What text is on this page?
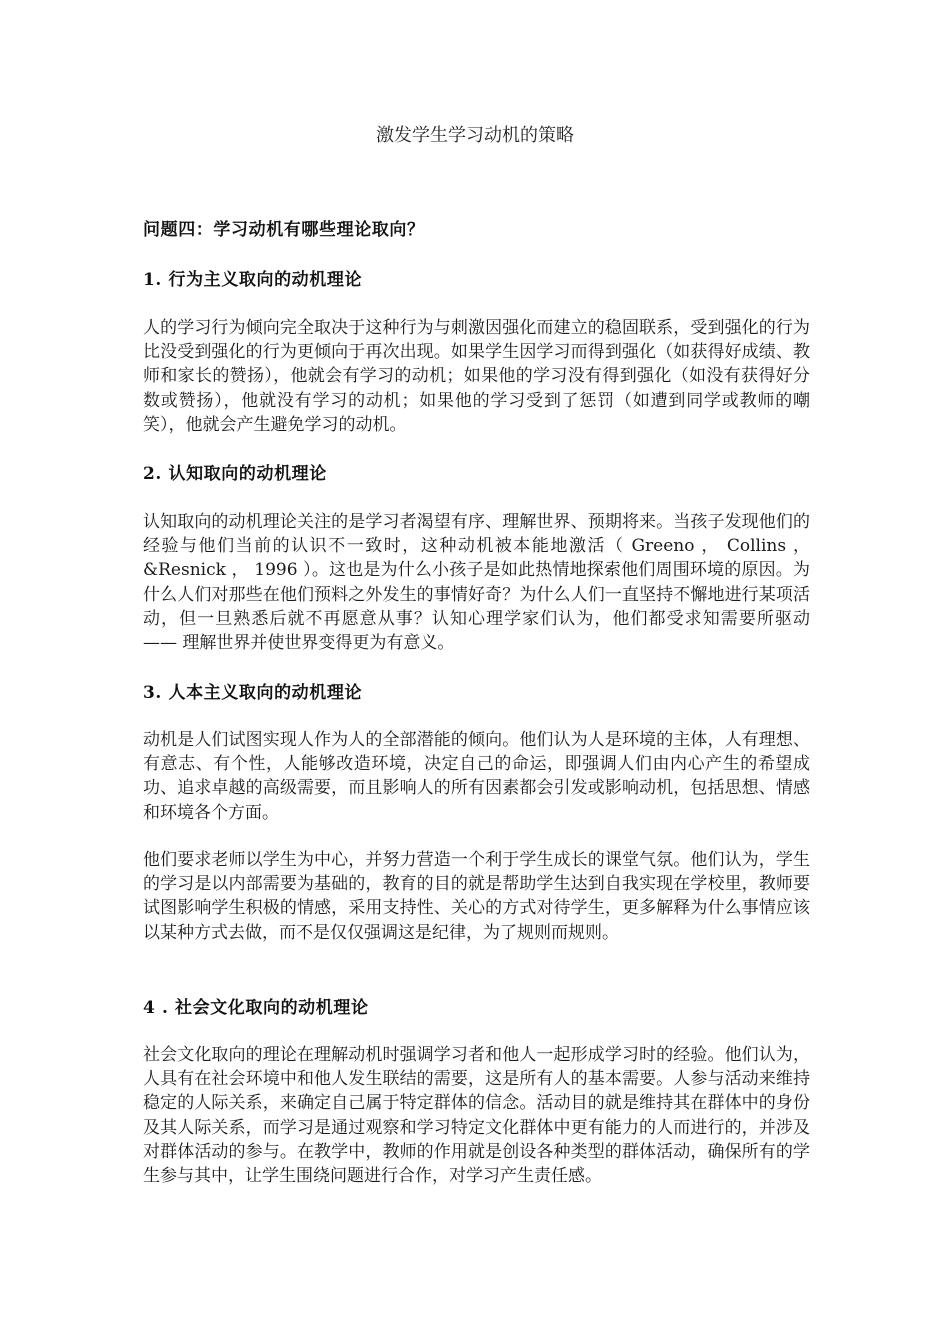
激发学生学习动机的策略
问题四：学习动机有哪些理论取向？
1. 行为主义取向的动机理论
人的学习行为倾向完全取决于这种行为与刺激因强化而建立的稳固联系，受到强化的行为比没受到强化的行为更倾向于再次出现。如果学生因学习而得到强化（如获得好成绩、教师和家长的赞扬），他就会有学习的动机；如果他的学习没有得到强化（如没有获得好分数或赞扬），他就没有学习的动机；如果他的学习受到了惩罚（如遭到同学或教师的嘲笑），他就会产生避免学习的动机。
2. 认知取向的动机理论
认知取向的动机理论关注的是学习者渴望有序、理解世界、预期将来。当孩子发现他们的经验与他们当前的认识不一致时，这种动机被本能地激活（ Greeno ， Collins ， &Resnick ， 1996 ）。这也是为什么小孩子是如此热情地探索他们周围环境的原因。为什么人们对那些在他们预料之外发生的事情好奇？为什么人们一直坚持不懈地进行某项活动，但一旦熟悉后就不再愿意从事？认知心理学家们认为，他们都受求知需要所驱动 —— 理解世界并使世界变得更为有意义。
3. 人本主义取向的动机理论
动机是人们试图实现人作为人的全部潜能的倾向。他们认为人是环境的主体，人有理想、有意志、有个性，人能够改造环境，决定自己的命运，即强调人们由内心产生的希望成功、追求卓越的高级需要，而且影响人的所有因素都会引发或影响动机，包括思想、情感和环境各个方面。
他们要求老师以学生为中心，并努力营造一个利于学生成长的课堂气氛。他们认为，学生的学习是以内部需要为基础的，教育的目的就是帮助学生达到自我实现在学校里，教师要试图影响学生积极的情感，采用支持性、关心的方式对待学生，更多解释为什么事情应该以某种方式去做，而不是仅仅强调这是纪律，为了规则而规则。
4 . 社会文化取向的动机理论
社会文化取向的理论在理解动机时强调学习者和他人一起形成学习时的经验。他们认为，人具有在社会环境中和他人发生联结的需要，这是所有人的基本需要。人参与活动来维持稳定的人际关系，来确定自己属于特定群体的信念。活动目的就是维持其在群体中的身份及其人际关系，而学习是通过观察和学习特定文化群体中更有能力的人而进行的，并涉及对群体活动的参与。在教学中，教师的作用就是创设各种类型的群体活动，确保所有的学生参与其中，让学生围绕问题进行合作，对学习产生责任感。
